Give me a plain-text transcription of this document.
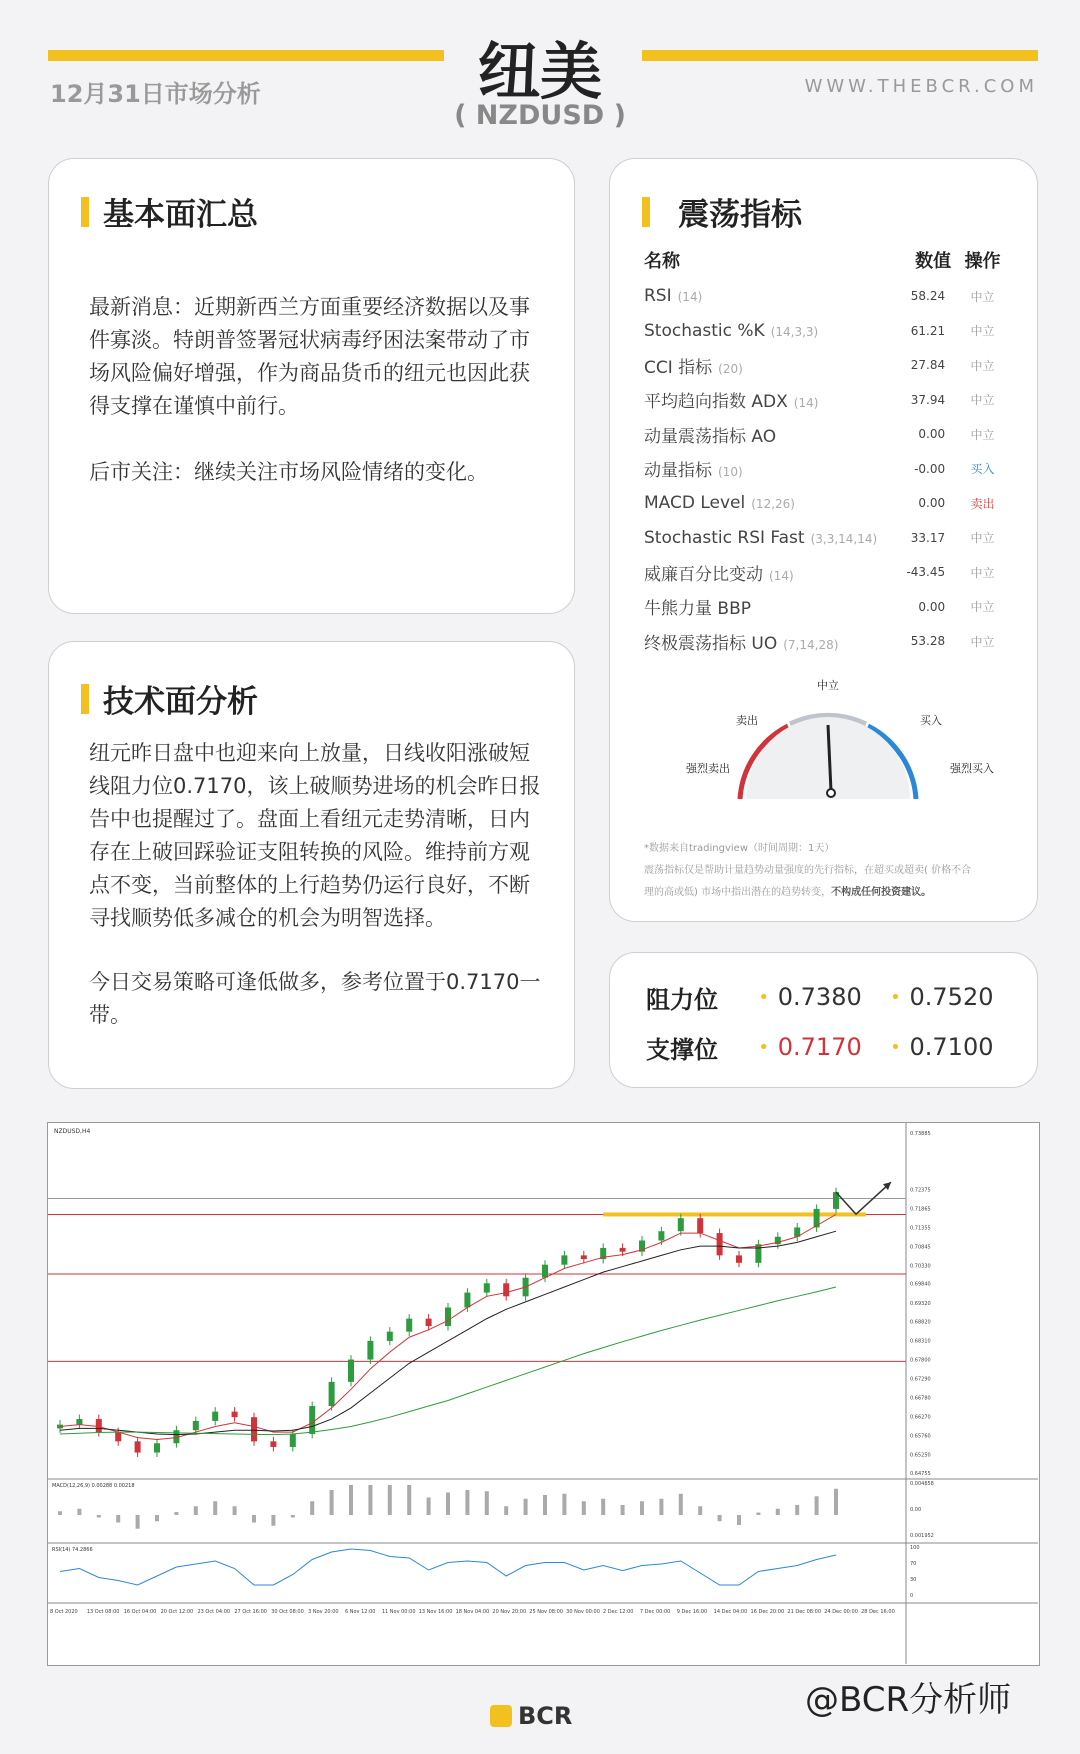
纽美
( NZDUSD )
12月31日市场分析	WWW.THEBCR.COM
基本面汇总
最新消息：近期新西兰方面重要经济数据以及事件寡淡。特朗普签署冠状病毒纾困法案带动了市场风险偏好增强，作为商品货币的纽元也因此获得支撑在谨慎中前行。
后市关注：继续关注市场风险情绪的变化。
技术面分析
纽元昨日盘中也迎来向上放量，日线收阳涨破短线阻力位0.7170，该上破顺势进场的机会昨日报告中也提醒过了。盘面上看纽元走势清晰，日内存在上破回踩验证支阻转换的风险。维持前方观点不变，当前整体的上行趋势仍运行良好，不断寻找顺势低多减仓的机会为明智选择。
今日交易策略可逢低做多，参考位置于0.7170一带。
震荡指标
名称	数值	操作
RSI (14)	58.24	中立
Stochastic %K (14,3,3)	61.21	中立
CCI 指标 (20)	27.84	中立
平均趋向指数 ADX (14)	37.94	中立
动量震荡指标 AO	0.00	中立
动量指标 (10)	-0.00	买入
MACD Level (12,26)	0.00	卖出
Stochastic RSI Fast (3,3,14,14)	33.17	中立
威廉百分比变动 (14)	-43.45	中立
牛熊力量 BBP	0.00	中立
终极震荡指标 UO (7,14,28)	53.28	中立
中立
卖出	买入
强烈卖出	强烈买入
*数据来自tradingview（时间周期：1天）
震荡指标仅是帮助计量趋势动量强度的先行指标，在超买或超卖( 价格不合
理的高或低) 市场中指出潜在的趋势转变，不构成任何投资建议。
阻力位	• 0.7380	• 0.7520
支撑位	• 0.7170	• 0.7100
NZDUSD,H4	0.73885
0.72375
0.71865
0.71355
0.70845
0.70330
0.69840
0.69320
0.68820
0.68310
0.67800
0.67290
0.66780
0.66270
0.65760
0.65250
0.64755
MACD(12,26,9) 0.00288 0.00218	0.004858
0.00
0.001952
RSI(14) 74.2866	100
70
30
0
8 Oct 2020 13 Oct 08:00 16 Oct 04:00 20 Oct 12:00 23 Oct 04:00 27 Oct 16:00 30 Oct 08:00 3 Nov 20:00 6 Nov 12:00 11 Nov 00:00 13 Nov 16:00 18 Nov 04:00 20 Nov 20:00 25 Nov 08:00 30 Nov 00:00 2 Dec 12:00 7 Dec 00:00 9 Dec 16:00 14 Dec 04:00 16 Dec 20:00 21 Dec 08:00 24 Dec 00:00 28 Dec 16:00
BCR	@BCR分析师
